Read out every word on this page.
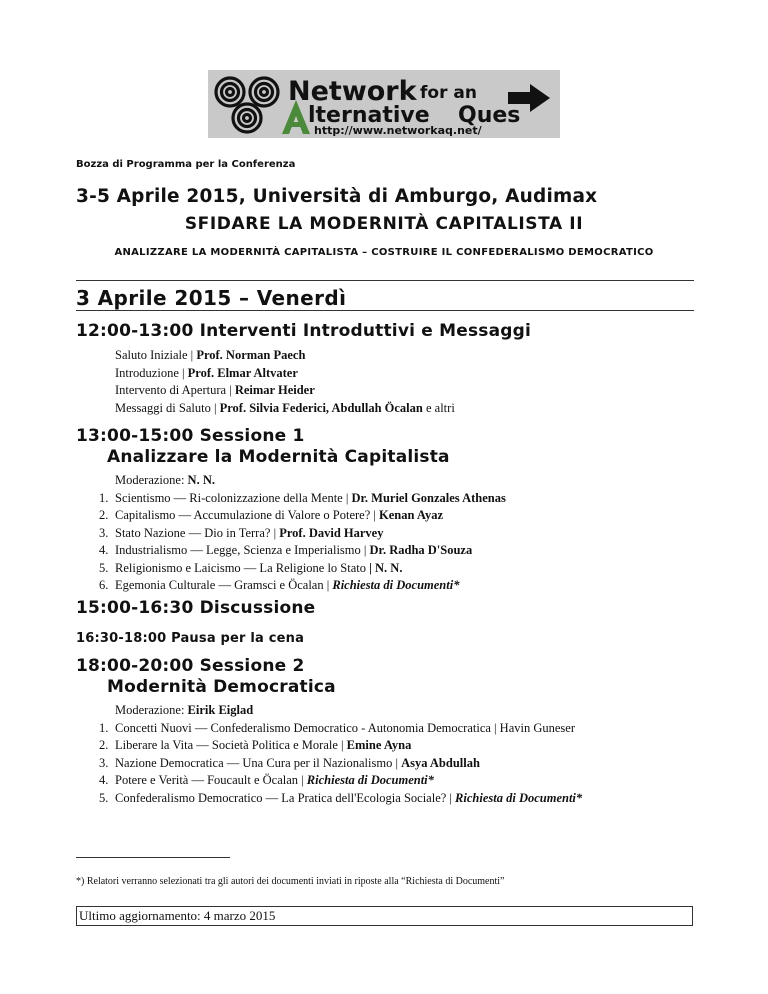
Network for an
lternative Ques
http://www.networkaq.net/
Bozza di Programma per la Conferenza
3-5 Aprile 2015, Università di Amburgo, Audimax
SFIDARE LA MODERNITÀ CAPITALISTA II
ANALIZZARE LA MODERNITÀ CAPITALISTA – COSTRUIRE IL CONFEDERALISMO DEMOCRATICO
3 Aprile 2015 – Venerdì
12:00-13:00 Interventi Introduttivi e Messaggi
Saluto Iniziale | Prof. Norman Paech
Introduzione | Prof. Elmar Altvater
Intervento di Apertura | Reimar Heider
Messaggi di Saluto | Prof. Silvia Federici, Abdullah Öcalan e altri
13:00-15:00 Sessione 1
Analizzare la Modernità Capitalista
Moderazione: N. N.
1. Scientismo — Ri-colonizzazione della Mente | Dr. Muriel Gonzales Athenas
2. Capitalismo — Accumulazione di Valore o Potere? | Kenan Ayaz
3. Stato Nazione — Dio in Terra? | Prof. David Harvey
4. Industrialismo — Legge, Scienza e Imperialismo | Dr. Radha D'Souza
5. Religionismo e Laicismo — La Religione lo Stato | N. N.
6. Egemonia Culturale — Gramsci e Öcalan | Richiesta di Documenti*
15:00-16:30 Discussione
16:30-18:00 Pausa per la cena
18:00-20:00 Sessione 2
Modernità Democratica
Moderazione: Eirik Eiglad
1. Concetti Nuovi — Confederalismo Democratico - Autonomia Democratica | Havin Guneser
2. Liberare la Vita — Società Politica e Morale | Emine Ayna
3. Nazione Democratica — Una Cura per il Nazionalismo | Asya Abdullah
4. Potere e Verità — Foucault e Öcalan | Richiesta di Documenti*
5. Confederalismo Democratico — La Pratica dell'Ecologia Sociale? | Richiesta di Documenti*
*) Relatori verranno selezionati tra gli autori dei documenti inviati in riposte alla “Richiesta di Documenti”
Ultimo aggiornamento: 4 marzo 2015
